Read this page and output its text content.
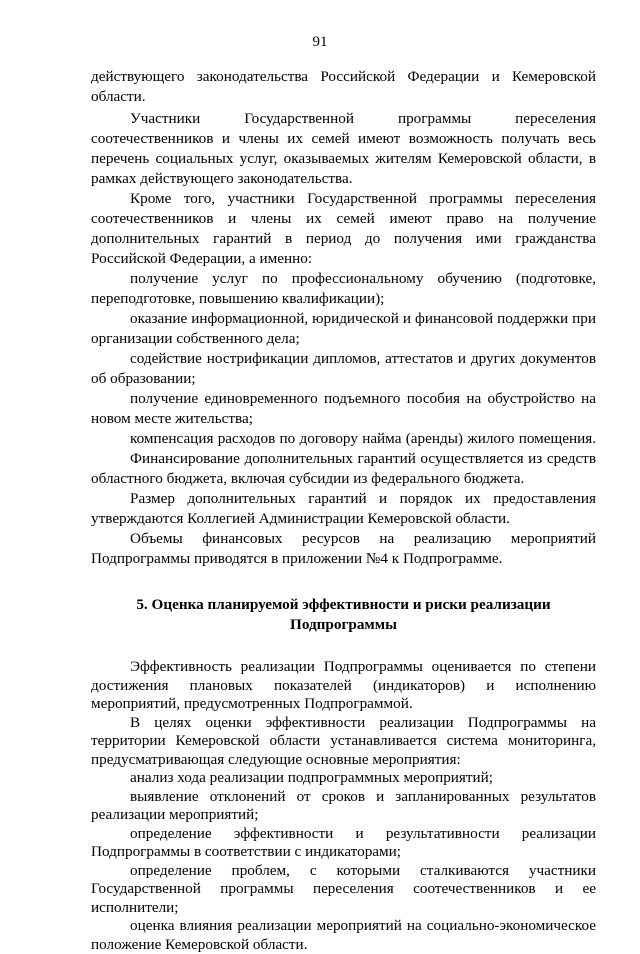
91
действующего законодательства Российской Федерации и Кемеровской
области.
Участники Государственной программы переселения
соотечественников и члены их семей имеют возможность получать весь
перечень социальных услуг, оказываемых жителям Кемеровской области, в
рамках действующего законодательства.
Кроме того, участники Государственной программы переселения
соотечественников и члены их семей имеют право на получение
дополнительных гарантий в период до получения ими гражданства
Российской Федерации, а именно:
получение услуг по профессиональному обучению (подготовке,
переподготовке, повышению квалификации);
оказание информационной, юридической и финансовой поддержки при
организации собственного дела;
содействие нострификации дипломов, аттестатов и других документов
об образовании;
получение единовременного подъемного пособия на обустройство на
новом месте жительства;
компенсация расходов по договору найма (аренды) жилого помещения.
Финансирование дополнительных гарантий осуществляется из средств
областного бюджета, включая субсидии из федерального бюджета.
Размер дополнительных гарантий и порядок их предоставления
утверждаются Коллегией Администрации Кемеровской области.
Объемы финансовых ресурсов на реализацию мероприятий
Подпрограммы приводятся в приложении №4 к Подпрограмме.
5. Оценка планируемой эффективности и риски реализации
Подпрограммы
Эффективность реализации Подпрограммы оценивается по степени
достижения плановых показателей (индикаторов) и исполнению
мероприятий, предусмотренных Подпрограммой.
В целях оценки эффективности реализации Подпрограммы на
территории Кемеровской области устанавливается система мониторинга,
предусматривающая следующие основные мероприятия:
анализ хода реализации подпрограммных мероприятий;
выявление отклонений от сроков и запланированных результатов
реализации мероприятий;
определение эффективности и результативности реализации
Подпрограммы в соответствии с индикаторами;
определение проблем, с которыми сталкиваются участники
Государственной программы переселения соотечественников и ее
исполнители;
оценка влияния реализации мероприятий на социально-экономическое
положение Кемеровской области.
